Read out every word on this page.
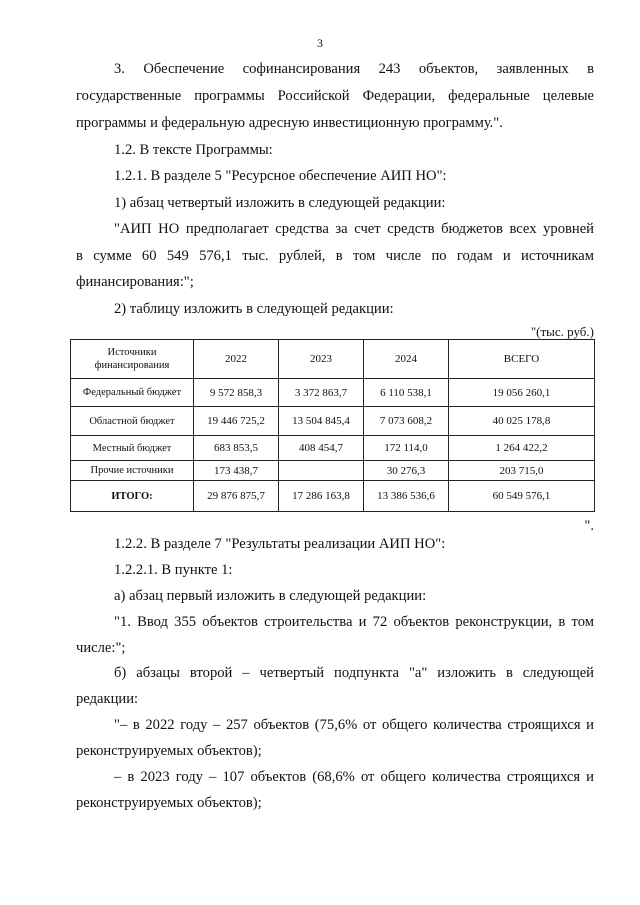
3
3. Обеспечение софинансирования 243 объектов, заявленных в
государственные программы Российской Федерации, федеральные целевые
программы и федеральную адресную инвестиционную программу.".
1.2. В тексте Программы:
1.2.1. В разделе 5 "Ресурсное обеспечение АИП НО":
1) абзац четвертый изложить в следующей редакции:
"АИП НО предполагает средства за счет средств бюджетов всех уровней
в сумме 60 549 576,1 тыс. рублей, в том числе по годам и источникам
финансирования:";
2) таблицу изложить в следующей редакции:
"(тыс. руб.)
Источники
финансирования	2022	2023	2024	ВСЕГО
Федеральный бюджет	9 572 858,3	3 372 863,7	6 110 538,1	19 056 260,1
Областной бюджет	19 446 725,2	13 504 845,4	7 073 608,2	40 025 178,8
Местный бюджет	683 853,5	408 454,7	172 114,0	1 264 422,2
Прочие источники	173 438,7		30 276,3	203 715,0
ИТОГО:	29 876 875,7	17 286 163,8	13 386 536,6	60 549 576,1
".
1.2.2. В разделе 7 "Результаты реализации АИП НО":
1.2.2.1. В пункте 1:
а) абзац первый изложить в следующей редакции:
"1. Ввод 355 объектов строительства и 72 объектов реконструкции, в том
числе:";
б) абзацы второй – четвертый подпункта "а" изложить в следующей
редакции:
"– в 2022 году – 257 объектов (75,6% от общего количества строящихся и
реконструируемых объектов);
– в 2023 году – 107 объектов (68,6% от общего количества строящихся и
реконструируемых объектов);
